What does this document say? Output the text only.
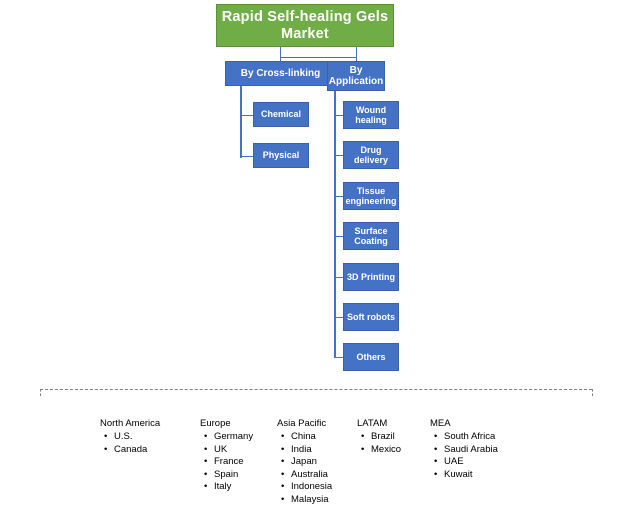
Rapid Self-healing Gels Market
By Cross-linking
Chemical
Physical
By Application
Wound healing
Drug delivery
Tissue engineering
Surface Coating
3D Printing
Soft robots
Others
North America
• U.S.
• Canada
Europe
• Germany
• UK
• France
• Spain
• Italy
Asia Pacific
• China
• India
• Japan
• Australia
• Indonesia
• Malaysia
LATAM
• Brazil
• Mexico
MEA
• South Africa
• Saudi Arabia
• UAE
• Kuwait
